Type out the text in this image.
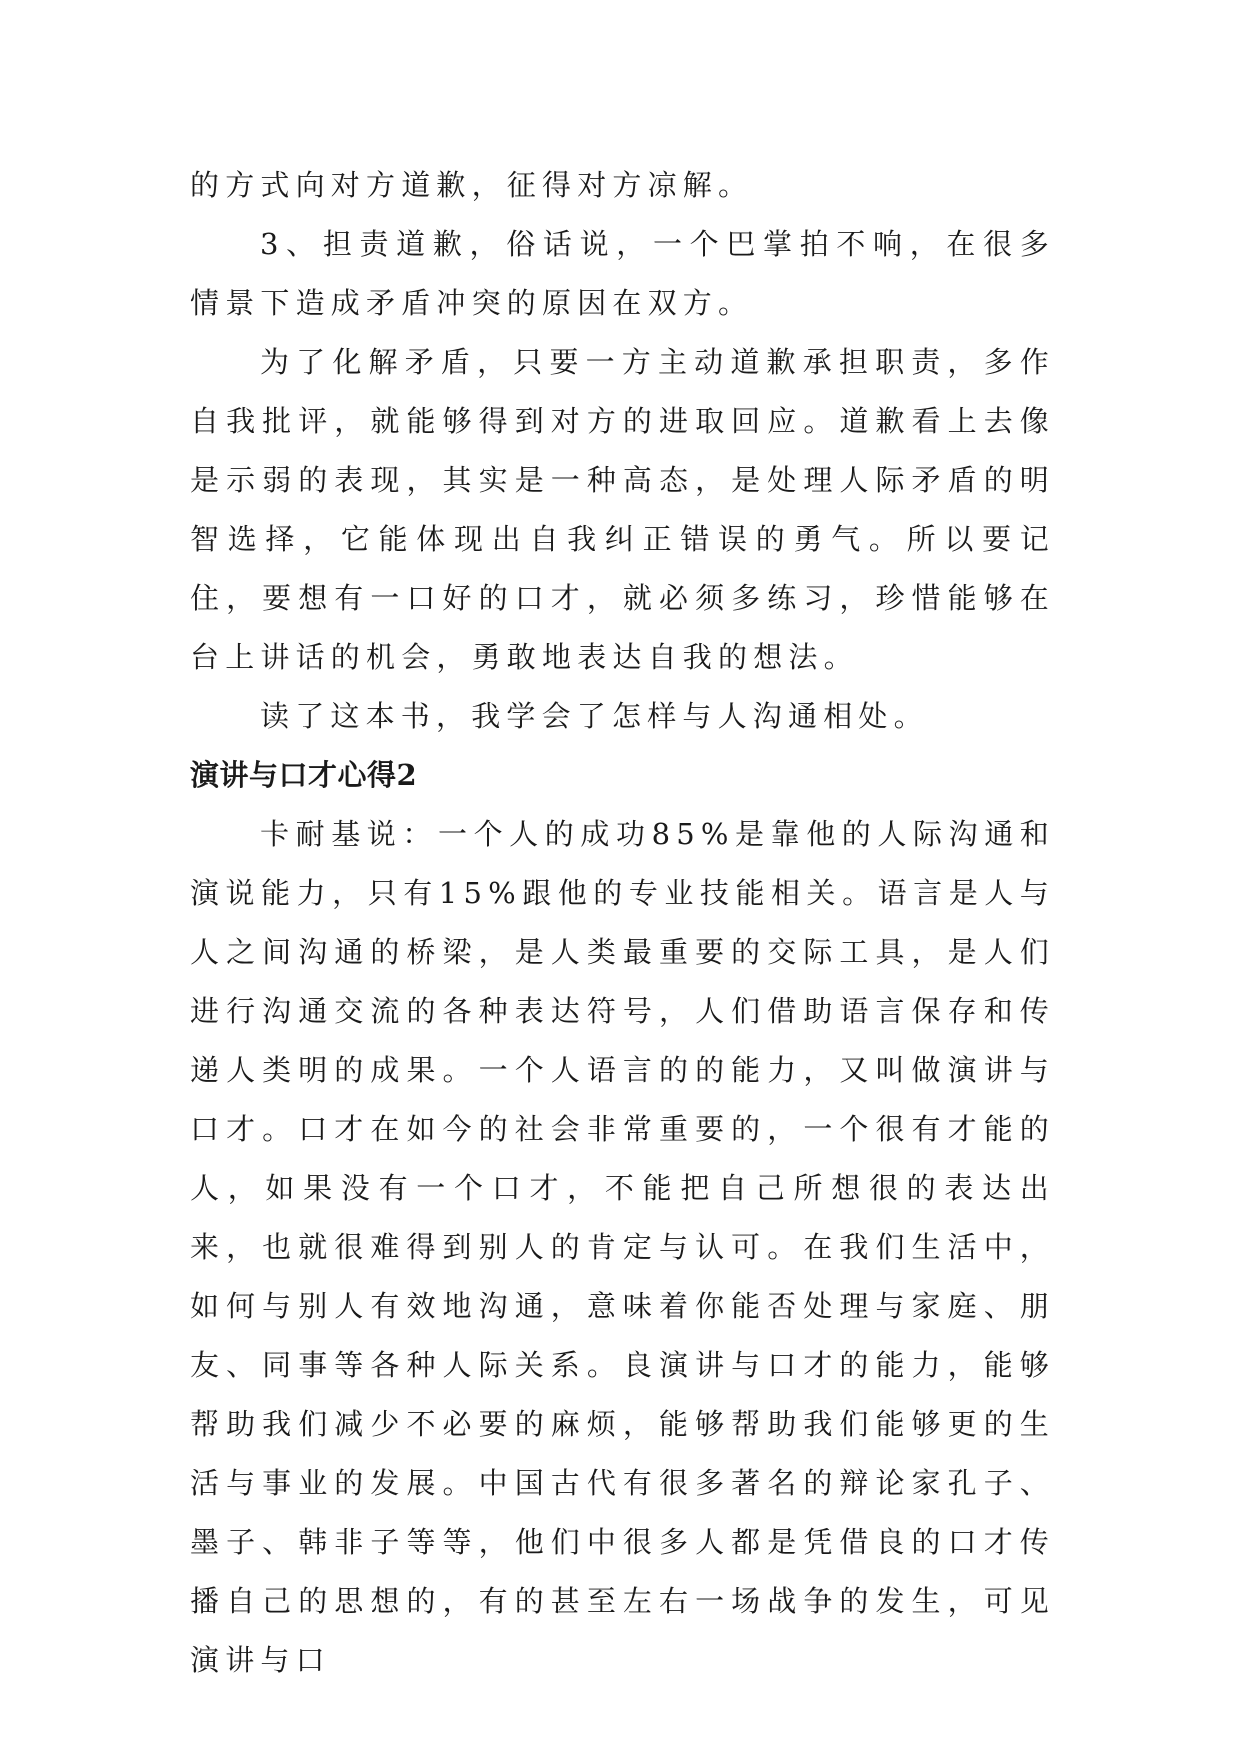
的方式向对方道歉，征得对方凉解。

3、担责道歉，俗话说，一个巴掌拍不响，在很多情景下造成矛盾冲突的原因在双方。

为了化解矛盾，只要一方主动道歉承担职责，多作自我批评，就能够得到对方的进取回应。道歉看上去像是示弱的表现，其实是一种高态，是处理人际矛盾的明智选择，它能体现出自我纠正错误的勇气。所以要记住，要想有一口好的口才，就必须多练习，珍惜能够在台上讲话的机会，勇敢地表达自我的想法。

读了这本书，我学会了怎样与人沟通相处。

演讲与口才心得2

卡耐基说：一个人的成功85%是靠他的人际沟通和演说能力，只有15%跟他的专业技能相关。语言是人与人之间沟通的桥梁，是人类最重要的交际工具，是人们进行沟通交流的各种表达符号，人们借助语言保存和传递人类明的成果。一个人语言的的能力，又叫做演讲与口才。口才在如今的社会非常重要的，一个很有才能的人，如果没有一个口才，不能把自己所想很的表达出来，也就很难得到别人的肯定与认可。在我们生活中，如何与别人有效地沟通，意味着你能否处理与家庭、朋友、同事等各种人际关系。良演讲与口才的能力，能够帮助我们减少不必要的麻烦，能够帮助我们能够更的生活与事业的发展。中国古代有很多著名的辩论家孔子、墨子、韩非子等等，他们中很多人都是凭借良的口才传播自己的思想的，有的甚至左右一场战争的发生，可见演讲与口
